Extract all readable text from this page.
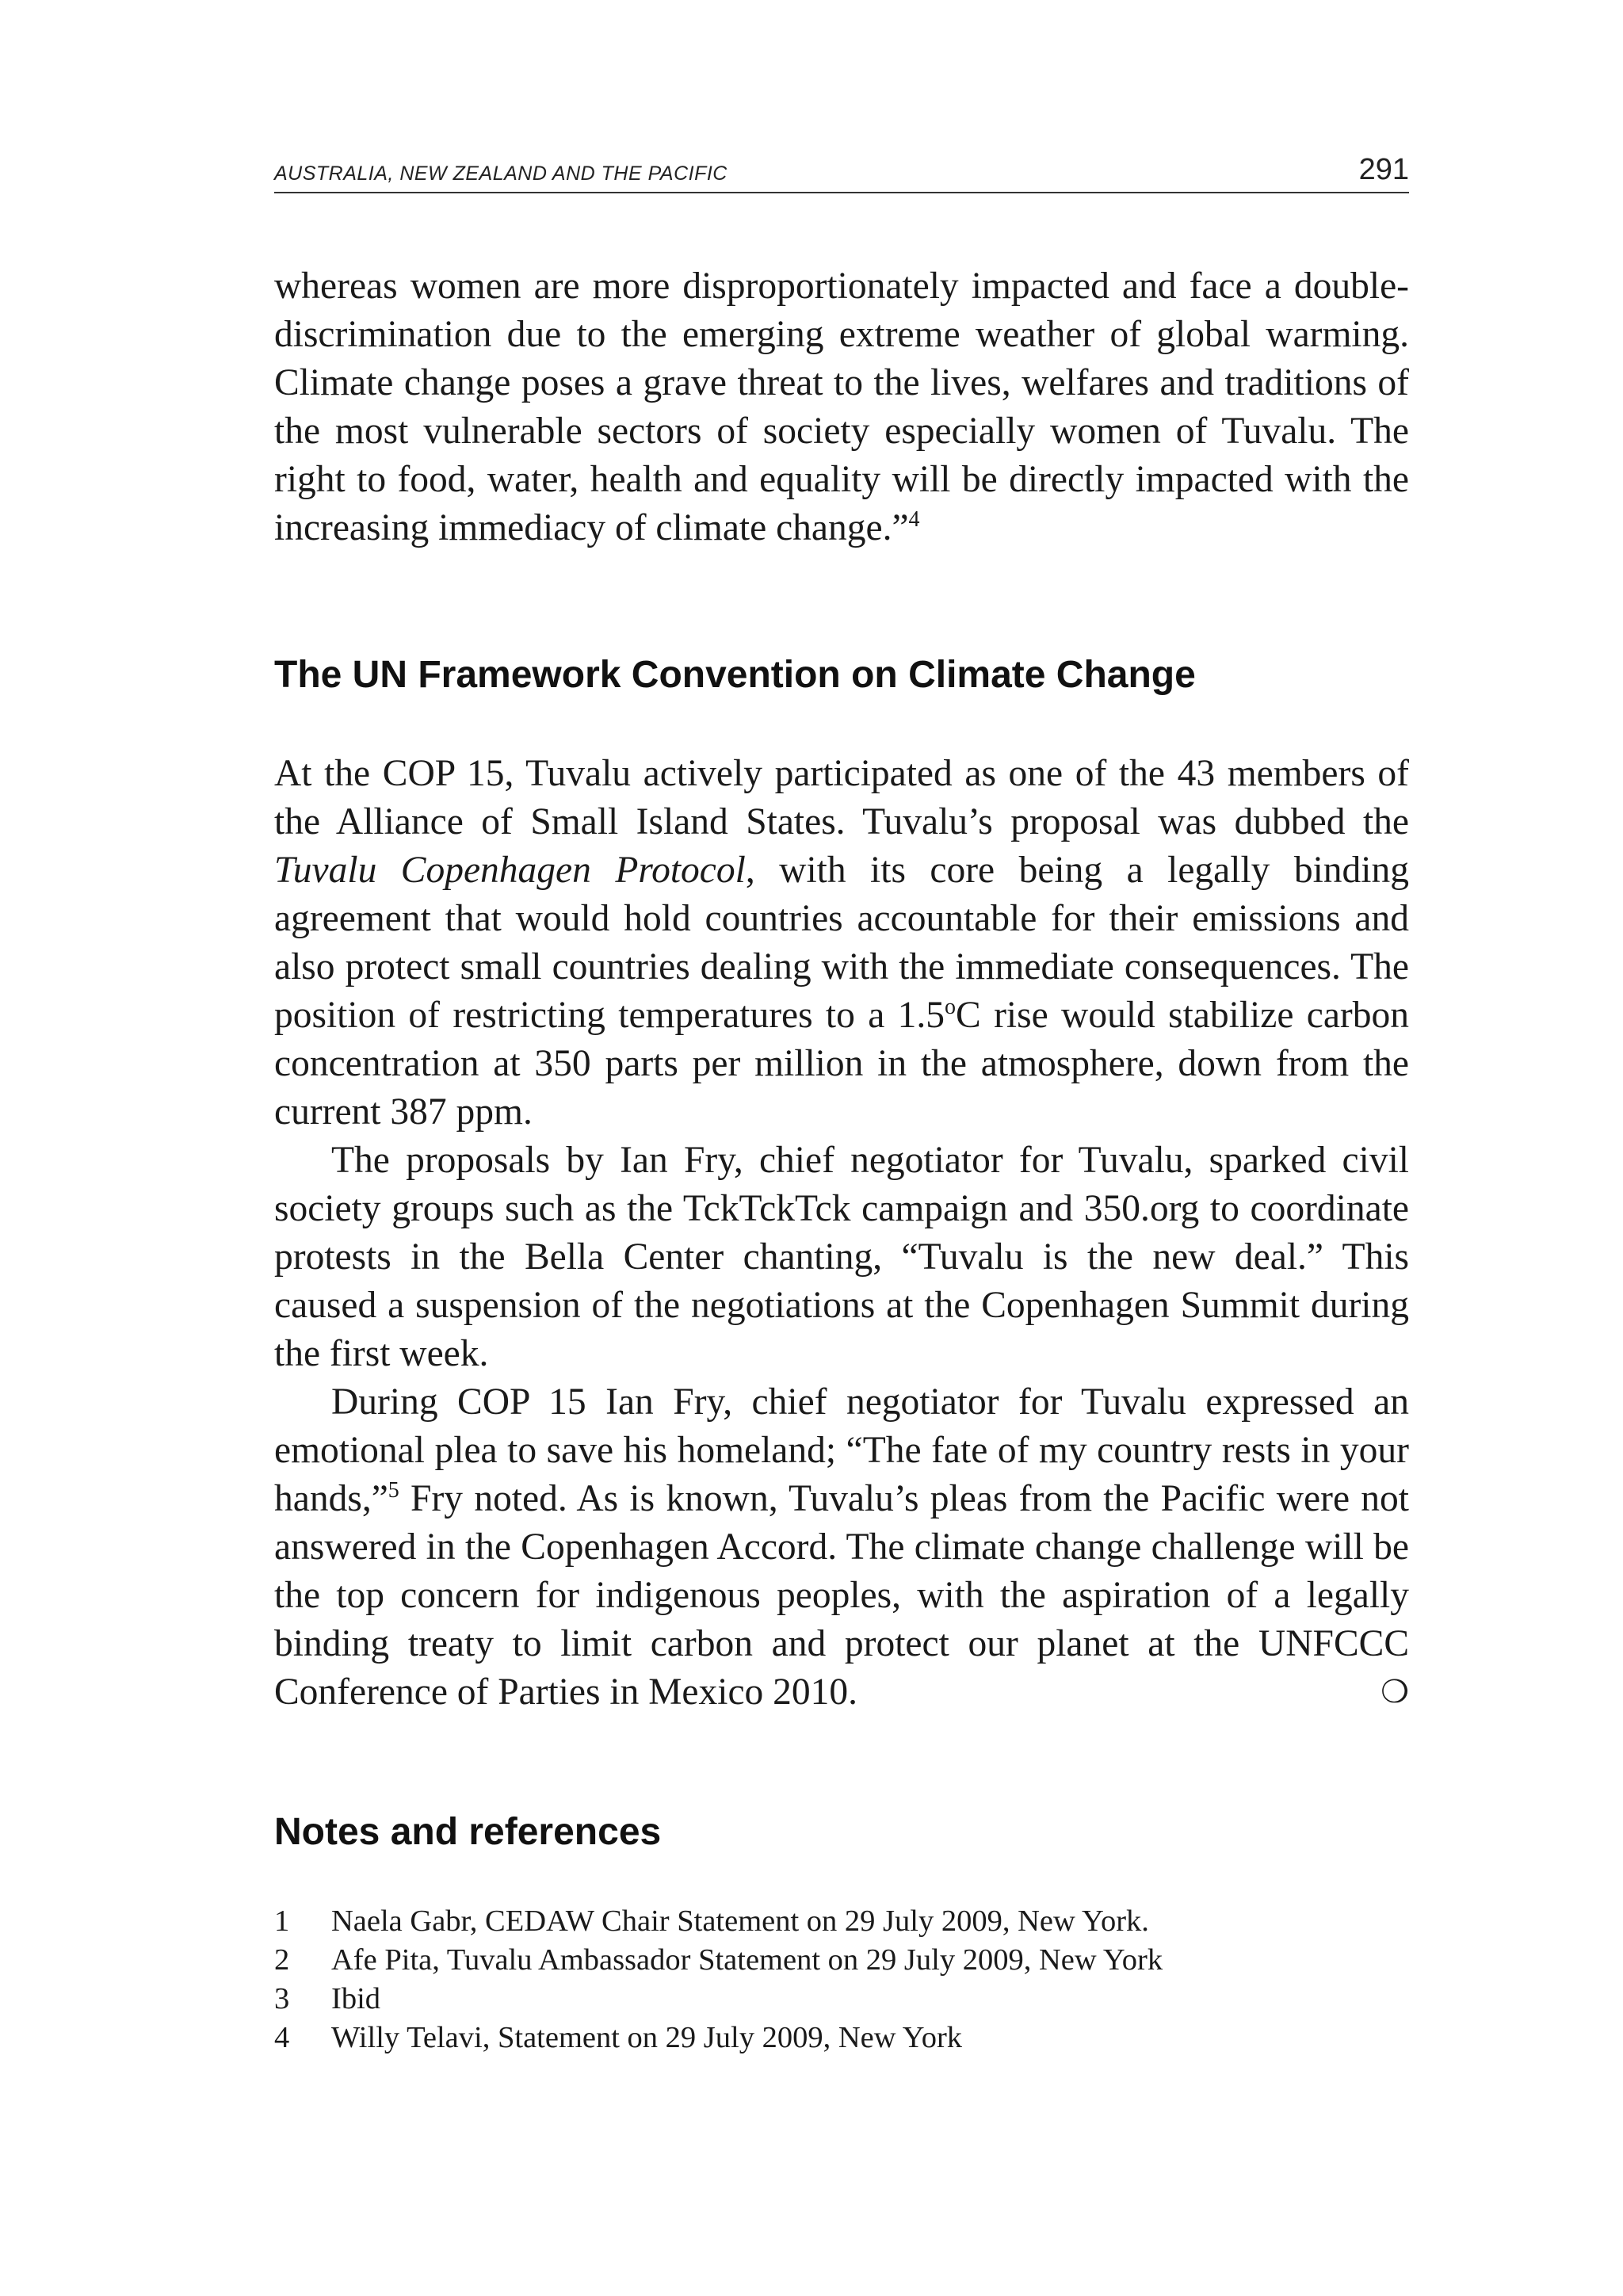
AUSTRALIA, NEW ZEALAND AND THE PACIFIC	291

whereas women are more disproportionately impacted and face a double-discrimination due to the emerging extreme weather of global warming. Climate change poses a grave threat to the lives, welfares and traditions of the most vulnerable sectors of society especially women of Tuvalu. The right to food, water, health and equality will be directly impacted with the increasing immediacy of climate change.”$^4$

The UN Framework Convention on Climate Change

At the COP 15, Tuvalu actively participated as one of the 43 members of the Alliance of Small Island States. Tuvalu’s proposal was dubbed the Tuvalu Copenhagen Protocol, with its core being a legally binding agreement that would hold countries accountable for their emissions and also protect small countries dealing with the immediate consequences. The position of restricting temperatures to a 1.5$^o$C rise would stabilize carbon concentration at 350 parts per million in the atmosphere, down from the current 387 ppm.

The proposals by Ian Fry, chief negotiator for Tuvalu, sparked civil society groups such as the TckTckTck campaign and 350.org to coordinate protests in the Bella Center chanting, “Tuvalu is the new deal.” This caused a suspension of the negotiations at the Copenhagen Summit during the first week.

During COP 15 Ian Fry, chief negotiator for Tuvalu expressed an emotional plea to save his homeland; “The fate of my country rests in your hands,”$^5$ Fry noted. As is known, Tuvalu’s pleas from the Pacific were not answered in the Copenhagen Accord. The climate change challenge will be the top concern for indigenous peoples, with the aspiration of a legally binding treaty to limit carbon and protect our planet at the UNFCCC Conference of Parties in Mexico 2010.	❍

Notes and references
1	Naela Gabr, CEDAW Chair Statement on 29 July 2009, New York.
2	Afe Pita, Tuvalu Ambassador Statement on 29 July 2009, New York
3	Ibid
4	Willy Telavi, Statement on 29 July 2009, New York
